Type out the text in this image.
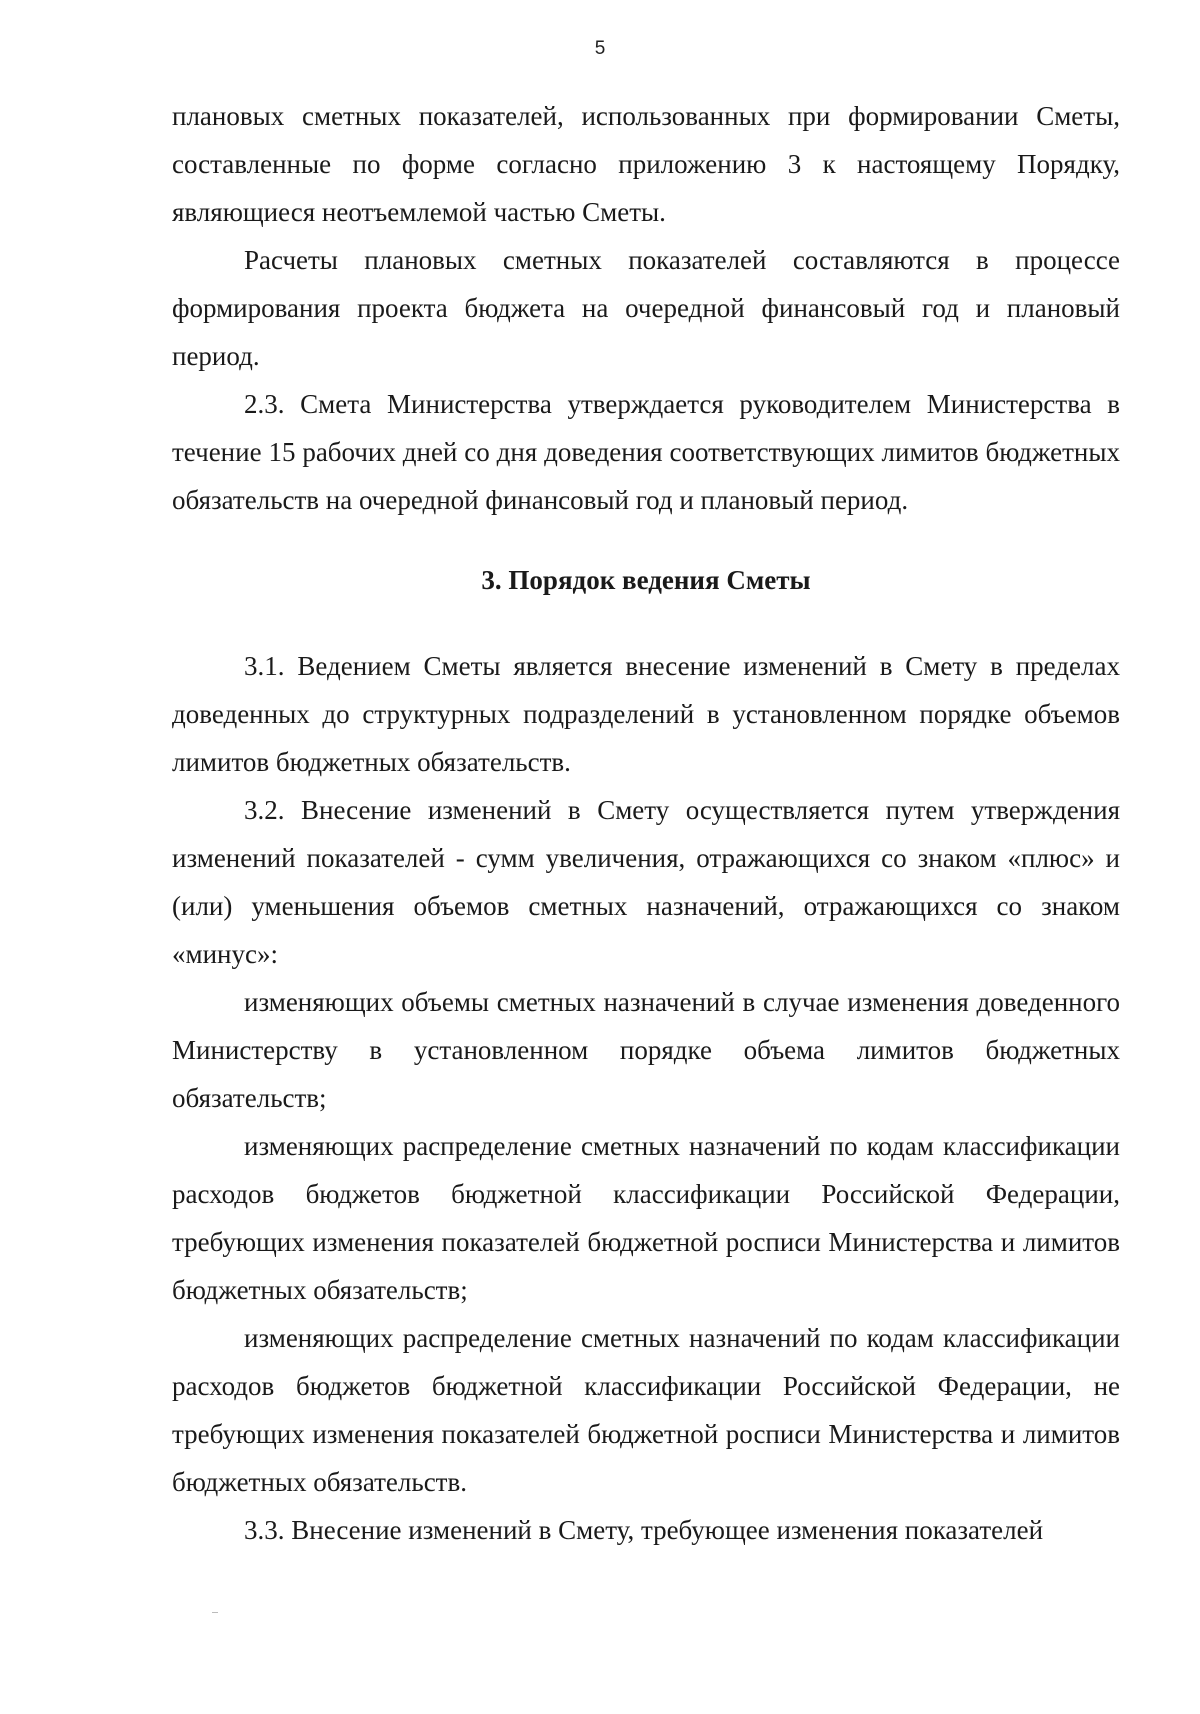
5

плановых сметных показателей, использованных при формировании Сметы, составленные по форме согласно приложению 3 к настоящему Порядку, являющиеся неотъемлемой частью Сметы.

Расчеты плановых сметных показателей составляются в процессе формирования проекта бюджета на очередной финансовый год и плановый период.

2.3. Смета Министерства утверждается руководителем Министерства в течение 15 рабочих дней со дня доведения соответствующих лимитов бюджетных обязательств на очередной финансовый год и плановый период.

3. Порядок ведения Сметы

3.1. Ведением Сметы является внесение изменений в Смету в пределах доведенных до структурных подразделений в установленном порядке объемов лимитов бюджетных обязательств.

3.2. Внесение изменений в Смету осуществляется путем утверждения изменений показателей - сумм увеличения, отражающихся со знаком «плюс» и (или) уменьшения объемов сметных назначений, отражающихся со знаком «минус»:

изменяющих объемы сметных назначений в случае изменения доведенного Министерству в установленном порядке объема лимитов бюджетных обязательств;

изменяющих распределение сметных назначений по кодам классификации расходов бюджетов бюджетной классификации Российской Федерации, требующих изменения показателей бюджетной росписи Министерства и лимитов бюджетных обязательств;

изменяющих распределение сметных назначений по кодам классификации расходов бюджетов бюджетной классификации Российской Федерации, не требующих изменения показателей бюджетной росписи Министерства и лимитов бюджетных обязательств.

3.3. Внесение изменений в Смету, требующее изменения показателей
